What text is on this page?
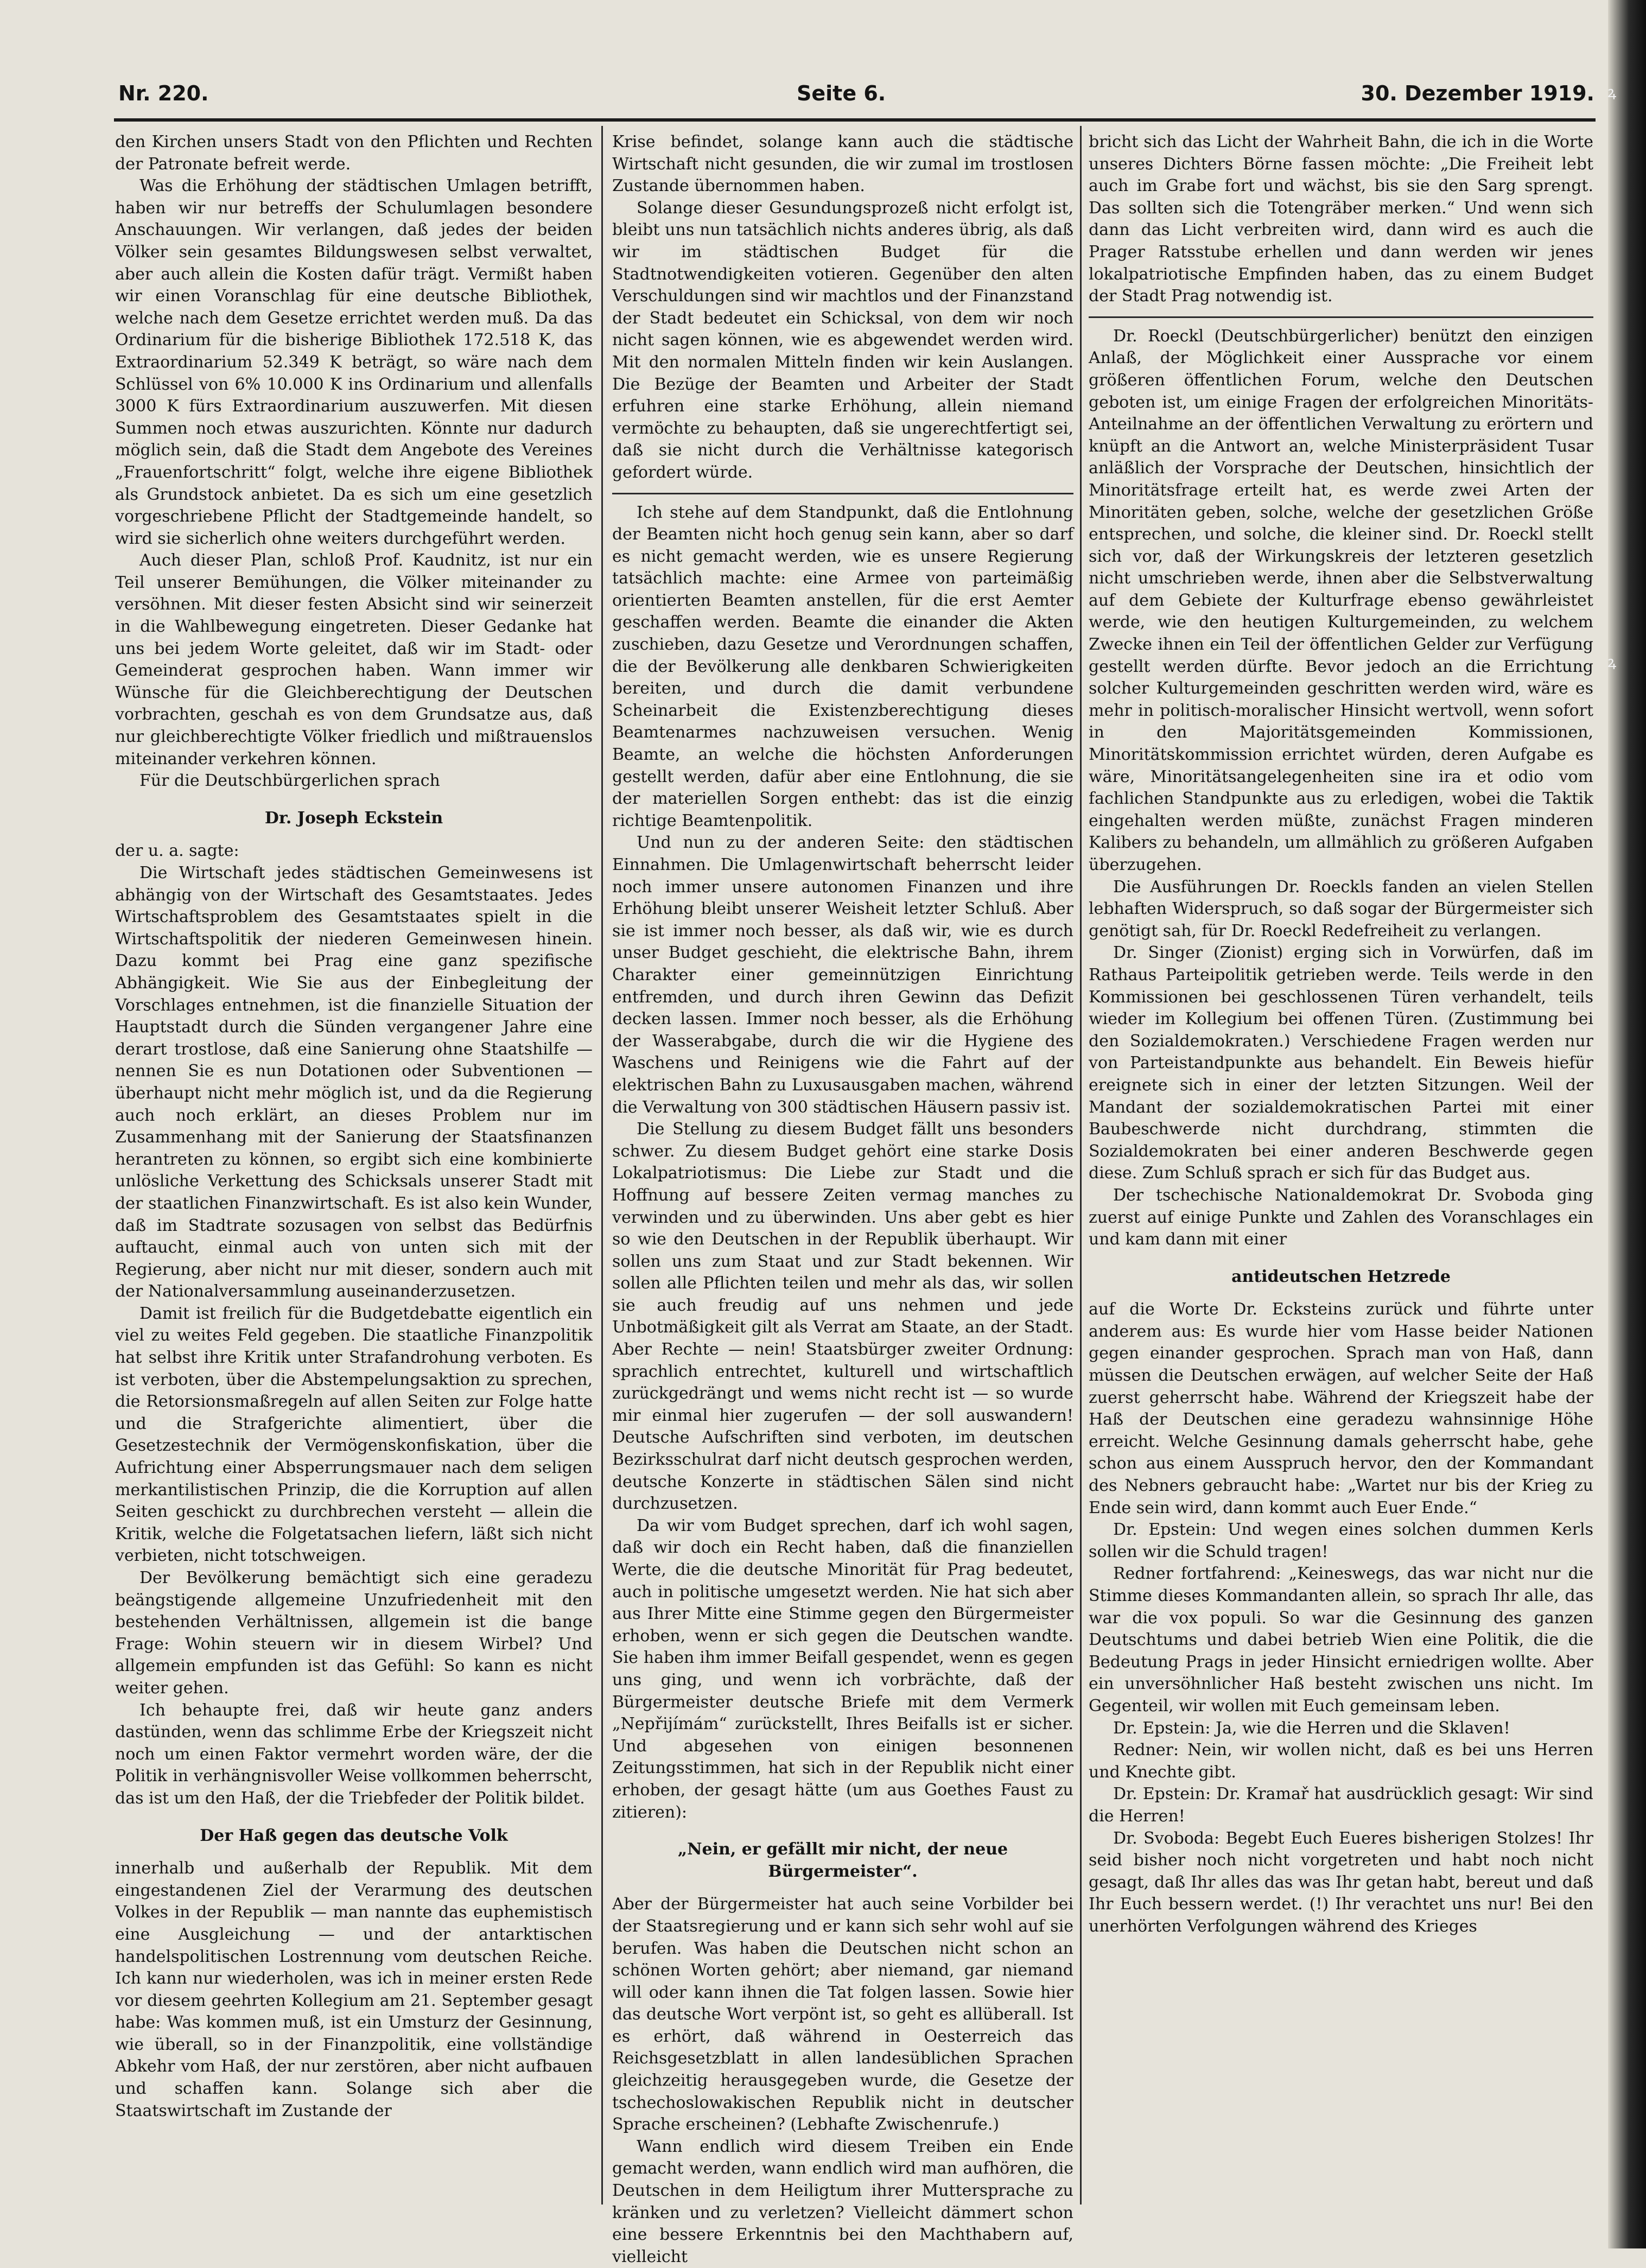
ꝝ
ꝝ
Nr. 220.	Seite 6.	30. Dezember 1919.

den Kirchen unsers Stadt von den Pflichten und Rechten der Patronate befreit werde.

Was die Erhöhung der städtischen Umlagen betrifft, haben wir nur betreffs der Schulumlagen besondere Anschauungen. Wir verlangen, daß jedes der beiden Völker sein gesamtes Bildungswesen selbst verwaltet, aber auch allein die Kosten dafür trägt. Vermißt haben wir einen Voranschlag für eine deutsche Bibliothek, welche nach dem Gesetze errichtet werden muß. Da das Ordinarium für die bisherige Bibliothek 172.518 K, das Extraordinarium 52.349 K beträgt, so wäre nach dem Schlüssel von 6% 10.000 K ins Ordinarium und allenfalls 3000 K fürs Extraordinarium auszuwerfen. Mit diesen Summen noch etwas auszurichten. Könnte nur dadurch möglich sein, daß die Stadt dem Angebote des Vereines „Frauenfortschritt“ folgt, welche ihre eigene Bibliothek als Grundstock anbietet. Da es sich um eine gesetzlich vorgeschriebene Pflicht der Stadtgemeinde handelt, so wird sie sicherlich ohne weiters durchgeführt werden.

Auch dieser Plan, schloß Prof. Kaudnitz, ist nur ein Teil unserer Bemühungen, die Völker miteinander zu versöhnen. Mit dieser festen Absicht sind wir seinerzeit in die Wahlbewegung eingetreten. Dieser Gedanke hat uns bei jedem Worte geleitet, daß wir im Stadt- oder Gemeinderat gesprochen haben. Wann immer wir Wünsche für die Gleichberechtigung der Deutschen vorbrachten, geschah es von dem Grundsatze aus, daß nur gleichberechtigte Völker friedlich und mißtrauenslos miteinander verkehren können.

Für die Deutschbürgerlichen sprach

Dr. Joseph Eckstein

der u. a. sagte:

Die Wirtschaft jedes städtischen Gemeinwesens ist abhängig von der Wirtschaft des Gesamtstaates. Jedes Wirtschaftsproblem des Gesamtstaates spielt in die Wirtschaftspolitik der niederen Gemeinwesen hinein. Dazu kommt bei Prag eine ganz spezifische Abhängigkeit. Wie Sie aus der Einbegleitung der Vorschlages entnehmen, ist die finanzielle Situation der Hauptstadt durch die Sünden vergangener Jahre eine derart trostlose, daß eine Sanierung ohne Staatshilfe — nennen Sie es nun Dotationen oder Subventionen — überhaupt nicht mehr möglich ist, und da die Regierung auch noch erklärt, an dieses Problem nur im Zusammenhang mit der Sanierung der Staatsfinanzen herantreten zu können, so ergibt sich eine kombinierte unlösliche Verkettung des Schicksals unserer Stadt mit der staatlichen Finanzwirtschaft. Es ist also kein Wunder, daß im Stadtrate sozusagen von selbst das Bedürfnis auftaucht, einmal auch von unten sich mit der Regierung, aber nicht nur mit dieser, sondern auch mit der Nationalversammlung auseinanderzusetzen.

Damit ist freilich für die Budgetdebatte eigentlich ein viel zu weites Feld gegeben. Die staatliche Finanzpolitik hat selbst ihre Kritik unter Strafandrohung verboten. Es ist verboten, über die Abstempelungsaktion zu sprechen, die Retorsionsmaßregeln auf allen Seiten zur Folge hatte und die Strafgerichte alimentiert, über die Gesetzestechnik der Vermögenskonfiskation, über die Aufrichtung einer Absperrungsmauer nach dem seligen merkantilistischen Prinzip, die die Korruption auf allen Seiten geschickt zu durchbrechen versteht — allein die Kritik, welche die Folgetatsachen liefern, läßt sich nicht verbieten, nicht totschweigen.

Der Bevölkerung bemächtigt sich eine geradezu beängstigende allgemeine Unzufriedenheit mit den bestehenden Verhältnissen, allgemein ist die bange Frage: Wohin steuern wir in diesem Wirbel? Und allgemein empfunden ist das Gefühl: So kann es nicht weiter gehen.

Ich behaupte frei, daß wir heute ganz anders dastünden, wenn das schlimme Erbe der Kriegszeit nicht noch um einen Faktor vermehrt worden wäre, der die Politik in verhängnisvoller Weise vollkommen beherrscht, das ist um den Haß, der die Triebfeder der Politik bildet.

Der Haß gegen das deutsche Volk

innerhalb und außerhalb der Republik. Mit dem eingestandenen Ziel der Verarmung des deutschen Volkes in der Republik — man nannte das euphemistisch eine Ausgleichung — und der antarktischen handelspolitischen Lostrennung vom deutschen Reiche. Ich kann nur wiederholen, was ich in meiner ersten Rede vor diesem geehrten Kollegium am 21. September gesagt habe: Was kommen muß, ist ein Umsturz der Gesinnung, wie überall, so in der Finanzpolitik, eine vollständige Abkehr vom Haß, der nur zerstören, aber nicht aufbauen und schaffen kann. Solange sich aber die Staatswirtschaft im Zustande der

Krise befindet, solange kann auch die städtische Wirtschaft nicht gesunden, die wir zumal im trostlosen Zustande übernommen haben.

Solange dieser Gesundungsprozeß nicht erfolgt ist, bleibt uns nun tatsächlich nichts anderes übrig, als daß wir im städtischen Budget für die Stadtnotwendigkeiten votieren. Gegenüber den alten Verschuldungen sind wir machtlos und der Finanzstand der Stadt bedeutet ein Schicksal, von dem wir noch nicht sagen können, wie es abgewendet werden wird. Mit den normalen Mitteln finden wir kein Auslangen. Die Bezüge der Beamten und Arbeiter der Stadt erfuhren eine starke Erhöhung, allein niemand vermöchte zu behaupten, daß sie ungerechtfertigt sei, daß sie nicht durch die Verhältnisse kategorisch gefordert würde.

Ich stehe auf dem Standpunkt, daß die Entlohnung der Beamten nicht hoch genug sein kann, aber so darf es nicht gemacht werden, wie es unsere Regierung tatsächlich machte: eine Armee von parteimäßig orientierten Beamten anstellen, für die erst Aemter geschaffen werden. Beamte die einander die Akten zuschieben, dazu Gesetze und Verordnungen schaffen, die der Bevölkerung alle denkbaren Schwierigkeiten bereiten, und durch die damit verbundene Scheinarbeit die Existenzberechtigung dieses Beamtenarmes nachzuweisen versuchen. Wenig Beamte, an welche die höchsten Anforderungen gestellt werden, dafür aber eine Entlohnung, die sie der materiellen Sorgen enthebt: das ist die einzig richtige Beamtenpolitik.

Und nun zu der anderen Seite: den städtischen Einnahmen. Die Umlagenwirtschaft beherrscht leider noch immer unsere autonomen Finanzen und ihre Erhöhung bleibt unserer Weisheit letzter Schluß. Aber sie ist immer noch besser, als daß wir, wie es durch unser Budget geschieht, die elektrische Bahn, ihrem Charakter einer gemeinnützigen Einrichtung entfremden, und durch ihren Gewinn das Defizit decken lassen. Immer noch besser, als die Erhöhung der Wasserabgabe, durch die wir die Hygiene des Waschens und Reinigens wie die Fahrt auf der elektrischen Bahn zu Luxusausgaben machen, während die Verwaltung von 300 städtischen Häusern passiv ist.

Die Stellung zu diesem Budget fällt uns besonders schwer. Zu diesem Budget gehört eine starke Dosis Lokalpatriotismus: Die Liebe zur Stadt und die Hoffnung auf bessere Zeiten vermag manches zu verwinden und zu überwinden. Uns aber gebt es hier so wie den Deutschen in der Republik überhaupt. Wir sollen uns zum Staat und zur Stadt bekennen. Wir sollen alle Pflichten teilen und mehr als das, wir sollen sie auch freudig auf uns nehmen und jede Unbotmäßigkeit gilt als Verrat am Staate, an der Stadt. Aber Rechte — nein! Staatsbürger zweiter Ordnung: sprachlich entrechtet, kulturell und wirtschaftlich zurückgedrängt und wems nicht recht ist — so wurde mir einmal hier zugerufen — der soll auswandern! Deutsche Aufschriften sind verboten, im deutschen Bezirksschulrat darf nicht deutsch gesprochen werden, deutsche Konzerte in städtischen Sälen sind nicht durchzusetzen.

Da wir vom Budget sprechen, darf ich wohl sagen, daß wir doch ein Recht haben, daß die finanziellen Werte, die die deutsche Minorität für Prag bedeutet, auch in politische umgesetzt werden. Nie hat sich aber aus Ihrer Mitte eine Stimme gegen den Bürgermeister erhoben, wenn er sich gegen die Deutschen wandte. Sie haben ihm immer Beifall gespendet, wenn es gegen uns ging, und wenn ich vorbrächte, daß der Bürgermeister deutsche Briefe mit dem Vermerk „Nepřijímám“ zurückstellt, Ihres Beifalls ist er sicher. Und abgesehen von einigen besonnenen Zeitungsstimmen, hat sich in der Republik nicht einer erhoben, der gesagt hätte (um aus Goethes Faust zu zitieren):

„Nein, er gefällt mir nicht, der neue Bürgermeister“.

Aber der Bürgermeister hat auch seine Vorbilder bei der Staatsregierung und er kann sich sehr wohl auf sie berufen. Was haben die Deutschen nicht schon an schönen Worten gehört; aber niemand, gar niemand will oder kann ihnen die Tat folgen lassen. Sowie hier das deutsche Wort verpönt ist, so geht es allüberall. Ist es erhört, daß während in Oesterreich das Reichsgesetzblatt in allen landesüblichen Sprachen gleichzeitig herausgegeben wurde, die Gesetze der tschechoslowakischen Republik nicht in deutscher Sprache erscheinen? (Lebhafte Zwischenrufe.)

Wann endlich wird diesem Treiben ein Ende gemacht werden, wann endlich wird man aufhören, die Deutschen in dem Heiligtum ihrer Muttersprache zu kränken und zu verletzen? Vielleicht dämmert schon eine bessere Erkenntnis bei den Machthabern auf, vielleicht

bricht sich das Licht der Wahrheit Bahn, die ich in die Worte unseres Dichters Börne fassen möchte: „Die Freiheit lebt auch im Grabe fort und wächst, bis sie den Sarg sprengt. Das sollten sich die Totengräber merken.“ Und wenn sich dann das Licht verbreiten wird, dann wird es auch die Prager Ratsstube erhellen und dann werden wir jenes lokalpatriotische Empfinden haben, das zu einem Budget der Stadt Prag notwendig ist.

Dr. Roeckl (Deutschbürgerlicher) benützt den einzigen Anlaß, der Möglichkeit einer Aussprache vor einem größeren öffentlichen Forum, welche den Deutschen geboten ist, um einige Fragen der erfolgreichen Minoritäts-Anteilnahme an der öffentlichen Verwaltung zu erörtern und knüpft an die Antwort an, welche Ministerpräsident Tusar anläßlich der Vorsprache der Deutschen, hinsichtlich der Minoritätsfrage erteilt hat, es werde zwei Arten der Minoritäten geben, solche, welche der gesetzlichen Größe entsprechen, und solche, die kleiner sind. Dr. Roeckl stellt sich vor, daß der Wirkungskreis der letzteren gesetzlich nicht umschrieben werde, ihnen aber die Selbstverwaltung auf dem Gebiete der Kulturfrage ebenso gewährleistet werde, wie den heutigen Kulturgemeinden, zu welchem Zwecke ihnen ein Teil der öffentlichen Gelder zur Verfügung gestellt werden dürfte. Bevor jedoch an die Errichtung solcher Kulturgemeinden geschritten werden wird, wäre es mehr in politisch-moralischer Hinsicht wertvoll, wenn sofort in den Majoritätsgemeinden Kommissionen, Minoritätskommission errichtet würden, deren Aufgabe es wäre, Minoritätsangelegenheiten sine ira et odio vom fachlichen Standpunkte aus zu erledigen, wobei die Taktik eingehalten werden müßte, zunächst Fragen minderen Kalibers zu behandeln, um allmählich zu größeren Aufgaben überzugehen.

Die Ausführungen Dr. Roeckls fanden an vielen Stellen lebhaften Widerspruch, so daß sogar der Bürgermeister sich genötigt sah, für Dr. Roeckl Redefreiheit zu verlangen.

Dr. Singer (Zionist) erging sich in Vorwürfen, daß im Rathaus Parteipolitik getrieben werde. Teils werde in den Kommissionen bei geschlossenen Türen verhandelt, teils wieder im Kollegium bei offenen Türen. (Zustimmung bei den Sozialdemokraten.) Verschiedene Fragen werden nur von Parteistandpunkte aus behandelt. Ein Beweis hiefür ereignete sich in einer der letzten Sitzungen. Weil der Mandant der sozialdemokratischen Partei mit einer Baubeschwerde nicht durchdrang, stimmten die Sozialdemokraten bei einer anderen Beschwerde gegen diese. Zum Schluß sprach er sich für das Budget aus.

Der tschechische Nationaldemokrat Dr. Svoboda ging zuerst auf einige Punkte und Zahlen des Voranschlages ein und kam dann mit einer

antideutschen Hetzrede

auf die Worte Dr. Ecksteins zurück und führte unter anderem aus: Es wurde hier vom Hasse beider Nationen gegen einander gesprochen. Sprach man von Haß, dann müssen die Deutschen erwägen, auf welcher Seite der Haß zuerst geherrscht habe. Während der Kriegszeit habe der Haß der Deutschen eine geradezu wahnsinnige Höhe erreicht. Welche Gesinnung damals geherrscht habe, gehe schon aus einem Ausspruch hervor, den der Kommandant des Nebners gebraucht habe: „Wartet nur bis der Krieg zu Ende sein wird, dann kommt auch Euer Ende.“

Dr. Epstein: Und wegen eines solchen dummen Kerls sollen wir die Schuld tragen!

Redner fortfahrend: „Keineswegs, das war nicht nur die Stimme dieses Kommandanten allein, so sprach Ihr alle, das war die vox populi. So war die Gesinnung des ganzen Deutschtums und dabei betrieb Wien eine Politik, die die Bedeutung Prags in jeder Hinsicht erniedrigen wollte. Aber ein unversöhnlicher Haß besteht zwischen uns nicht. Im Gegenteil, wir wollen mit Euch gemeinsam leben.

Dr. Epstein: Ja, wie die Herren und die Sklaven!

Redner: Nein, wir wollen nicht, daß es bei uns Herren und Knechte gibt.

Dr. Epstein: Dr. Kramař hat ausdrücklich gesagt: Wir sind die Herren!

Dr. Svoboda: Begebt Euch Eueres bisherigen Stolzes! Ihr seid bisher noch nicht vorgetreten und habt noch nicht gesagt, daß Ihr alles das was Ihr getan habt, bereut und daß Ihr Euch bessern werdet. (!) Ihr verachtet uns nur! Bei den unerhörten Verfolgungen während des Krieges
